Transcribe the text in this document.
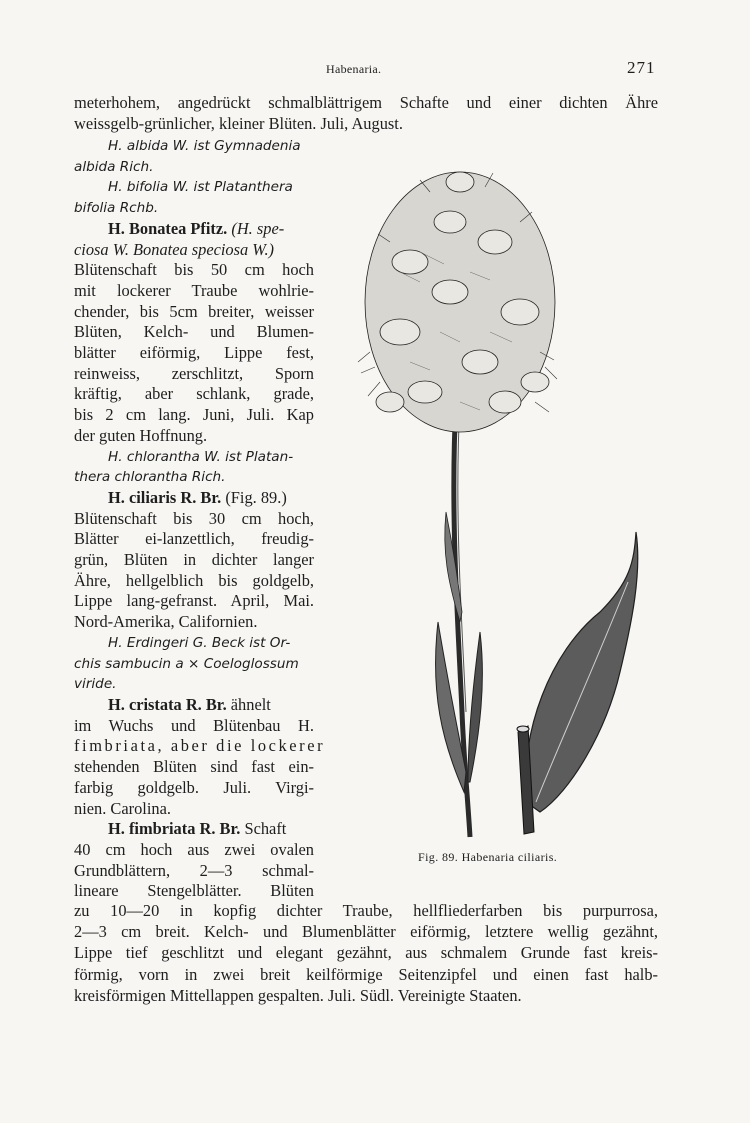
Habenaria.	271
meterhohem, angedrückt schmalblättrigem Schafte und einer dichten Ähre
weissgelb-grünlicher, kleiner Blüten. Juli, August.

H. albida W. ist Gymnadenia
albida Rich.

H. bifolia W. ist Platanthera
bifolia Rchb.

H. Bonatea Pfitz. (H. spe-
ciosa W. Bonatea speciosa W.)
Blütenschaft bis 50 cm hoch
mit lockerer Traube wohlrie-
chender, bis 5cm breiter, weisser
Blüten, Kelch- und Blumen-
blätter eiförmig, Lippe fest,
reinweiss, zerschlitzt, Sporn
kräftig, aber schlank, grade,
bis 2 cm lang. Juni, Juli. Kap
der guten Hoffnung.

H. chlorantha W. ist Platan-
thera chlorantha Rich.

H. ciliaris R. Br. (Fig. 89.)
Blütenschaft bis 30 cm hoch,
Blätter ei-lanzettlich, freudig-
grün, Blüten in dichter langer
Ähre, hellgelblich bis goldgelb,
Lippe lang-gefranst. April, Mai.
Nord-Amerika, Californien.

H. Erdingeri G. Beck ist Or-
chis sambucin a × Coeloglossum
viride.

H. cristata R. Br. ähnelt
im Wuchs und Blütenbau H.
fimbriata, aber die lockerer
stehenden Blüten sind fast ein-
farbig goldgelb. Juli. Virgi-
nien. Carolina.

H. fimbriata R. Br. Schaft
40 cm hoch aus zwei ovalen
Grundblättern, 2—3 schmal-
lineare Stengelblätter. Blüten

Fig. 89. Habenaria ciliaris.
zu 10—20 in kopfig dichter Traube, hellfliederfarben bis purpurrosa,
2—3 cm breit. Kelch- und Blumenblätter eiförmig, letztere wellig gezähnt,
Lippe tief geschlitzt und elegant gezähnt, aus schmalem Grunde fast kreis-
förmig, vorn in zwei breit keilförmige Seitenzipfel und einen fast halb-
kreisförmigen Mittellappen gespalten. Juli. Südl. Vereinigte Staaten.
